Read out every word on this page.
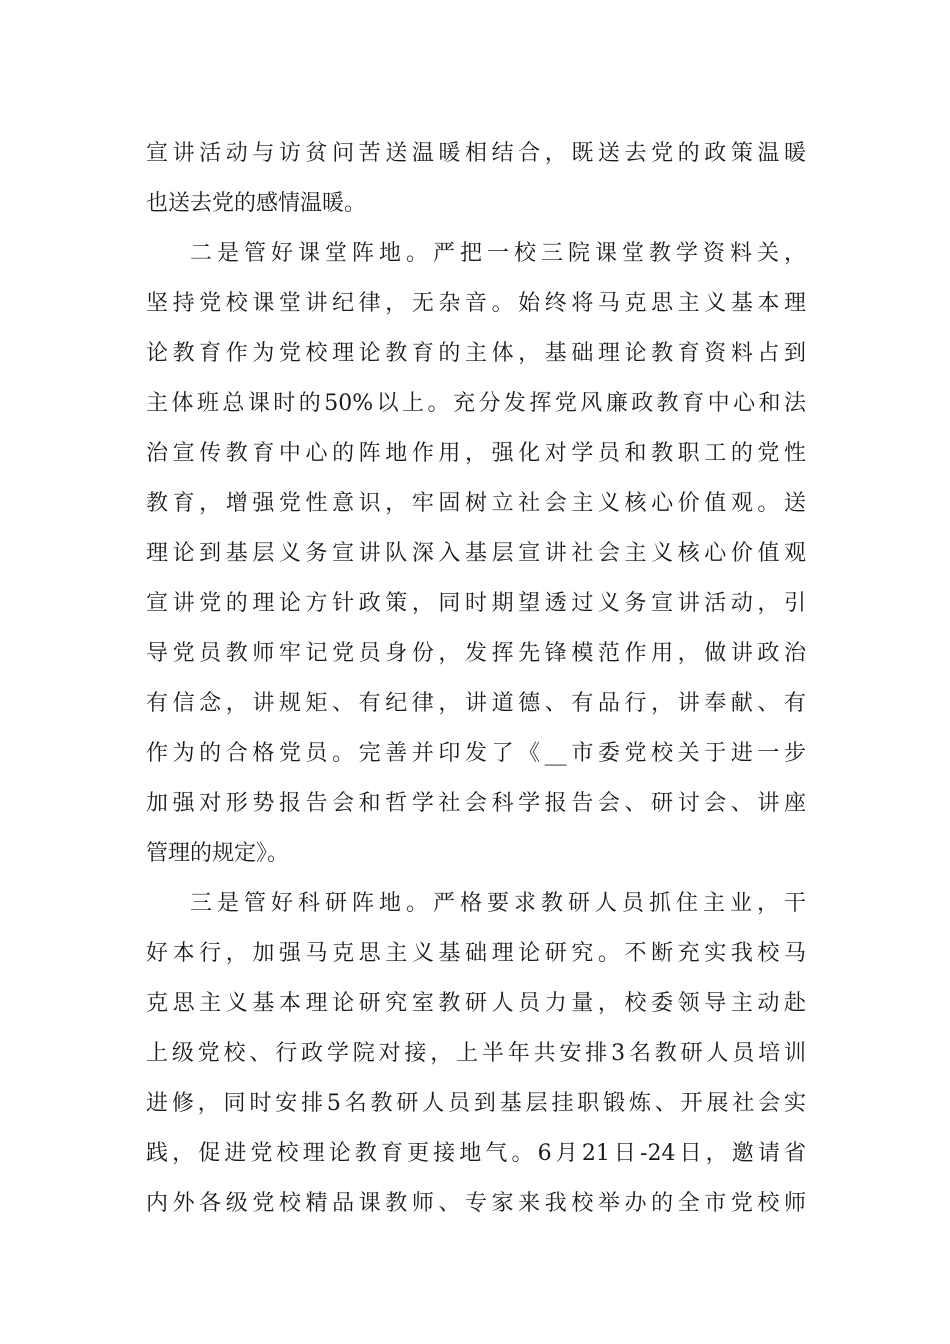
宣讲活动与访贫问苦送温暖相结合，既送去党的政策温暖
也送去党的感情温暖。
二是管好课堂阵地。严把一校三院课堂教学资料关，
坚持党校课堂讲纪律，无杂音。始终将马克思主义基本理
论教育作为党校理论教育的主体，基础理论教育资料占到
主体班总课时的50%以上。充分发挥党风廉政教育中心和法
治宣传教育中心的阵地作用，强化对学员和教职工的党性
教育，增强党性意识，牢固树立社会主义核心价值观。送
理论到基层义务宣讲队深入基层宣讲社会主义核心价值观
宣讲党的理论方针政策，同时期望透过义务宣讲活动，引
导党员教师牢记党员身份，发挥先锋模范作用，做讲政治
有信念，讲规矩、有纪律，讲道德、有品行，讲奉献、有
作为的合格党员。完善并印发了《__市委党校关于进一步
加强对形势报告会和哲学社会科学报告会、研讨会、讲座
管理的规定》。
三是管好科研阵地。严格要求教研人员抓住主业，干
好本行，加强马克思主义基础理论研究。不断充实我校马
克思主义基本理论研究室教研人员力量，校委领导主动赴
上级党校、行政学院对接，上半年共安排3名教研人员培训
进修，同时安排5名教研人员到基层挂职锻炼、开展社会实
践，促进党校理论教育更接地气。6月21日-24日，邀请省
内外各级党校精品课教师、专家来我校举办的全市党校师
